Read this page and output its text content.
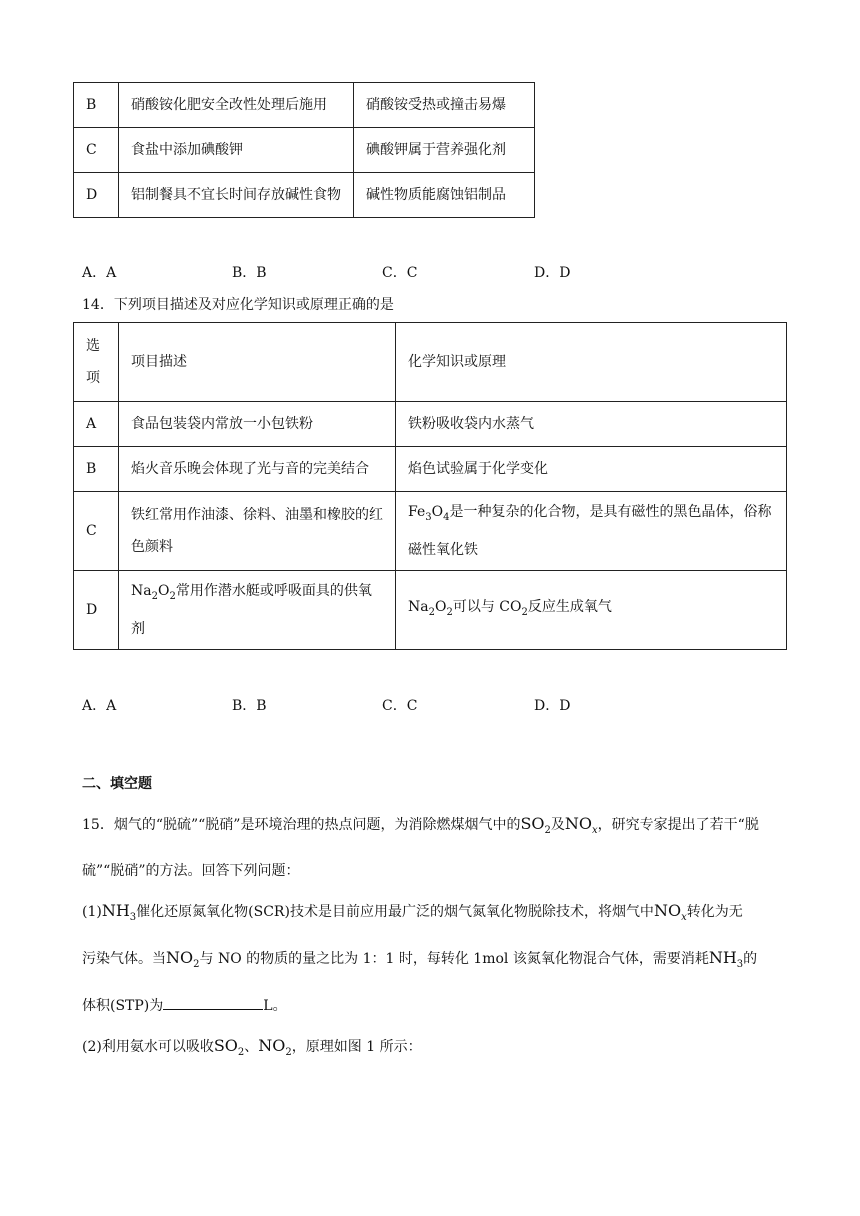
B	硝酸铵化肥安全改性处理后施用	硝酸铵受热或撞击易爆
C	食盐中添加碘酸钾	碘酸钾属于营养强化剂
D	铝制餐具不宜长时间存放碱性食物	碱性物质能腐蚀铝制品
A．A	B．B	C．C	D．D
14．下列项目描述及对应化学知识或原理正确的是
选
项	项目描述	化学知识或原理
A	食品包装袋内常放一小包铁粉	铁粉吸收袋内水蒸气
B	焰火音乐晚会体现了光与音的完美结合	焰色试验属于化学变化
C	铁红常用作油漆、徐料、油墨和橡胶的红色颜料	$Fe_3O_4$是一种复杂的化合物，是具有磁性的黑色晶体，俗称磁性氧化铁
D	$Na_2O_2$常用作潜水艇或呼吸面具的供氧剂	$Na_2O_2$可以与 $CO_2$反应生成氧气
A．A	B．B	C．C	D．D
二、填空题
15．烟气的“脱硫”“脱硝”是环境治理的热点问题，为消除燃煤烟气中的$SO_2$及$NO_x$，研究专家提出了若干“脱
硫”“脱硝”的方法。回答下列问题：
$(1)NH_3$催化还原氮氧化物(SCR)技术是目前应用最广泛的烟气氮氧化物脱除技术，将烟气中$NO_x$转化为无
污染气体。当$NO_2$与 NO 的物质的量之比为 1：1 时，每转化 1mol 该氮氧化物混合气体，需要消耗$NH_3$的
体积(STP)为	L。
(2)利用氨水可以吸收$SO_2$、$NO_2$，原理如图 1 所示：
